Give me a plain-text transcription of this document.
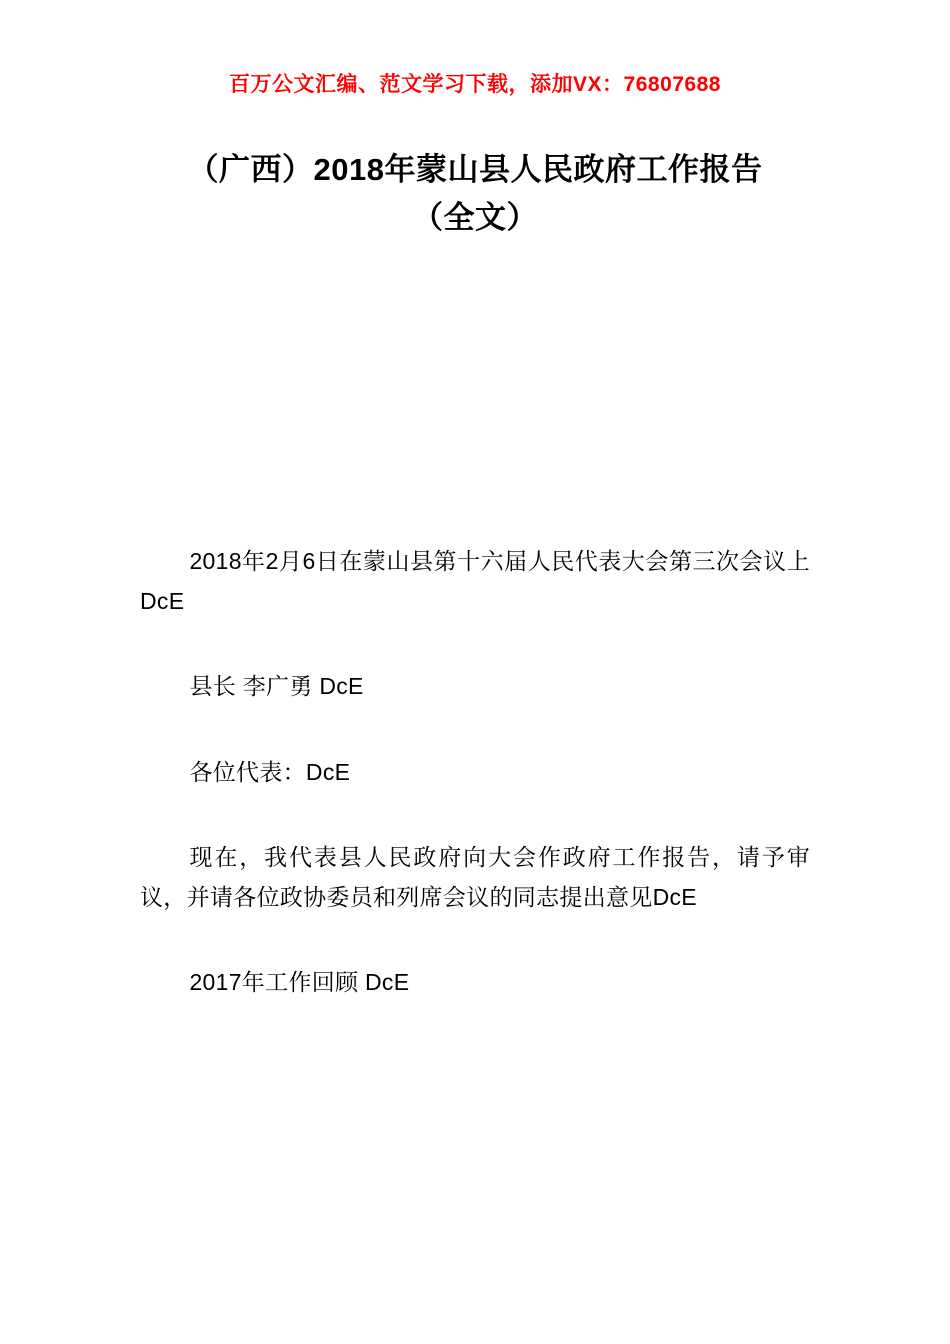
百万公文汇编、范文学习下载，添加VX：76807688
（广西）2018年蒙山县人民政府工作报告
（全文）
2018年2月6日在蒙山县第十六届人民代表大会第三次会议上DcE
县长 李广勇 DcE
各位代表：DcE
现在，我代表县人民政府向大会作政府工作报告，请予审议，并请各位政协委员和列席会议的同志提出意见DcE
2017年工作回顾 DcE
